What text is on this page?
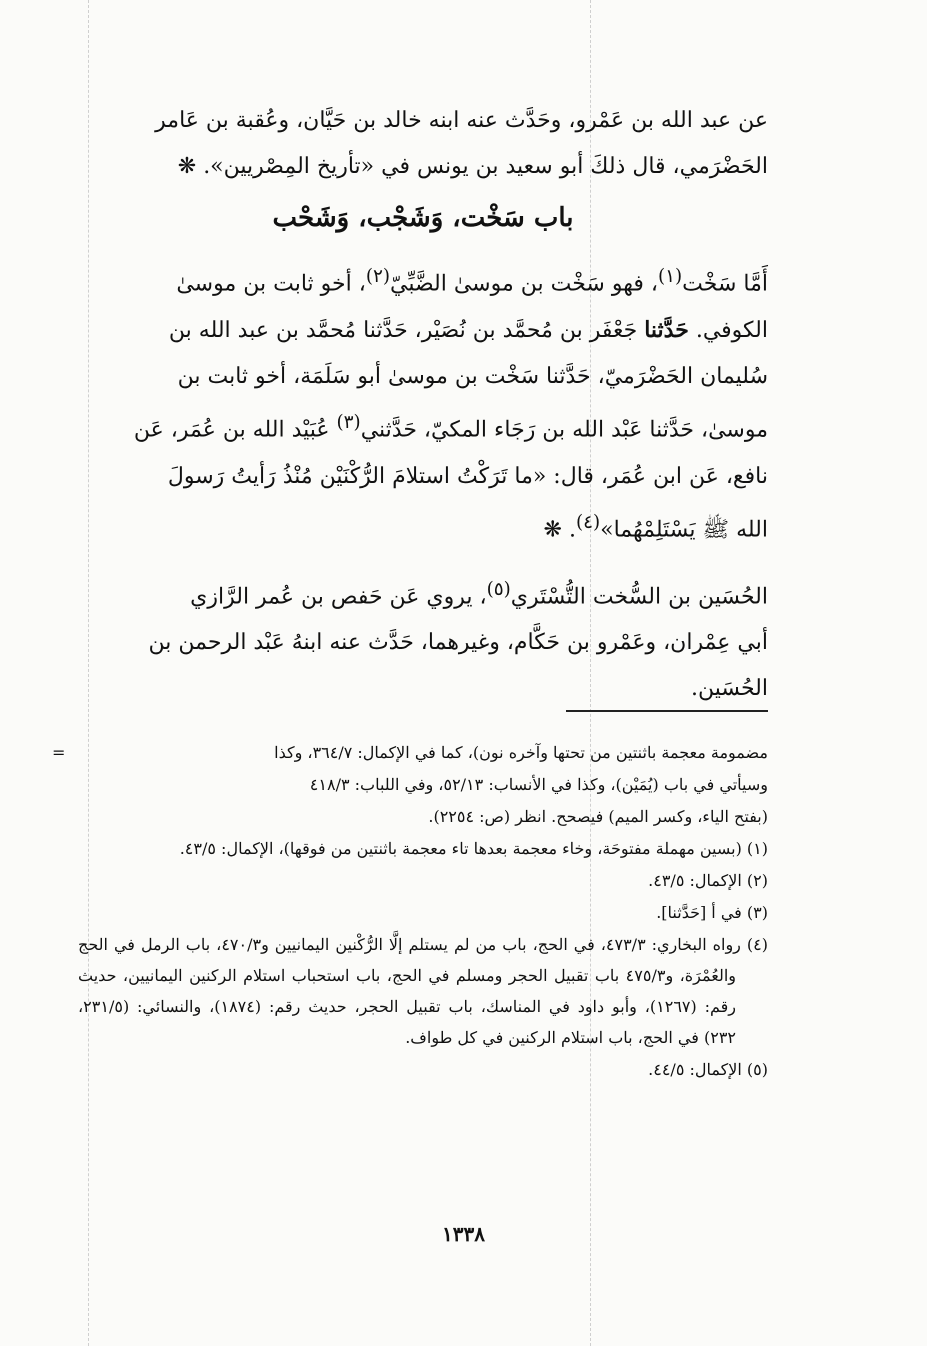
عن عبد الله بن عَمْرو، وحَدَّث عنه ابنه خالد بن حَيَّان، وعُقبة بن عَامر

الحَضْرَمي، قال ذلكَ أبو سعيد بن يونس في «تأريخ المِصْريين». ❋

باب سَخْت، وَشَجْب، وَشَحْب

أَمَّا سَخْت$^{(١)}$، فهو سَخْت بن موسىٰ الضَّبِّيّ$^{(٢)}$، أخو ثابت بن موسىٰ

الكوفي. حَدَّثنا جَعْفَر بن مُحمَّد بن نُصَيْر، حَدَّثنا مُحمَّد بن عبد الله بن

سُليمان الحَضْرَميّ، حَدَّثنا سَخْت بن موسىٰ أبو سَلَمَة، أخو ثابت بن

موسىٰ، حَدَّثنا عَبْد الله بن رَجَاء المكيّ، حَدَّثني$^{(٣)}$ عُبَيْد الله بن عُمَر، عَن

نافع، عَن ابن عُمَر، قال: «ما تَرَكْتُ استلامَ الرُّكْنَيْن مُنْذُ رَأيتُ رَسولَ

الله ﷺ يَسْتَلِمْهُما»$^{(٤)}$. ❋

الحُسَين بن السُّخت التُّسْتَري$^{(٥)}$، يروي عَن حَفص بن عُمر الرَّازي

أبي عِمْران، وعَمْرو بن حَكَّام، وغيرهما، حَدَّث عنه ابنهُ عَبْد الرحمن بن

الحُسَين.

=	مضمومة معجمة باثنتين من تحتها وآخره نون)، كما في الإكمال: ٣٦٤/٧، وكذا

وسيأتي في باب (يُمَيْن)، وكذا في الأنساب: ٥٢/١٣، وفي اللباب: ٤١٨/٣

(بفتح الياء، وكسر الميم) فيصحح. انظر (ص: ٢٢٥٤).

(١) (بسين مهملة مفتوحَة، وخاء معجمة بعدها تاء معجمة باثنتين من فوقها)، الإكمال: ٤٣/٥.

(٢) الإكمال: ٤٣/٥.

(٣) في أ [حَدَّثنا].

(٤) رواه البخاري: ٤٧٣/٣، في الحج، باب من لم يستلم إلَّا الرُّكْنين اليمانيين و٤٧٠/٣، باب الرمل في الحج والعُمْرَة، و٤٧٥/٣ باب تقبيل الحجر ومسلم في الحج، باب استحباب استلام الركنين اليمانيين، حديث رقم: (١٢٦٧)، وأبو داود في المناسك، باب تقبيل الحجر، حديث رقم: (١٨٧٤)، والنسائي: (٢٣١/٥، ٢٣٢) في الحج، باب استلام الركنين في كل طواف.

(٥) الإكمال: ٤٤/٥.

١٣٣٨
